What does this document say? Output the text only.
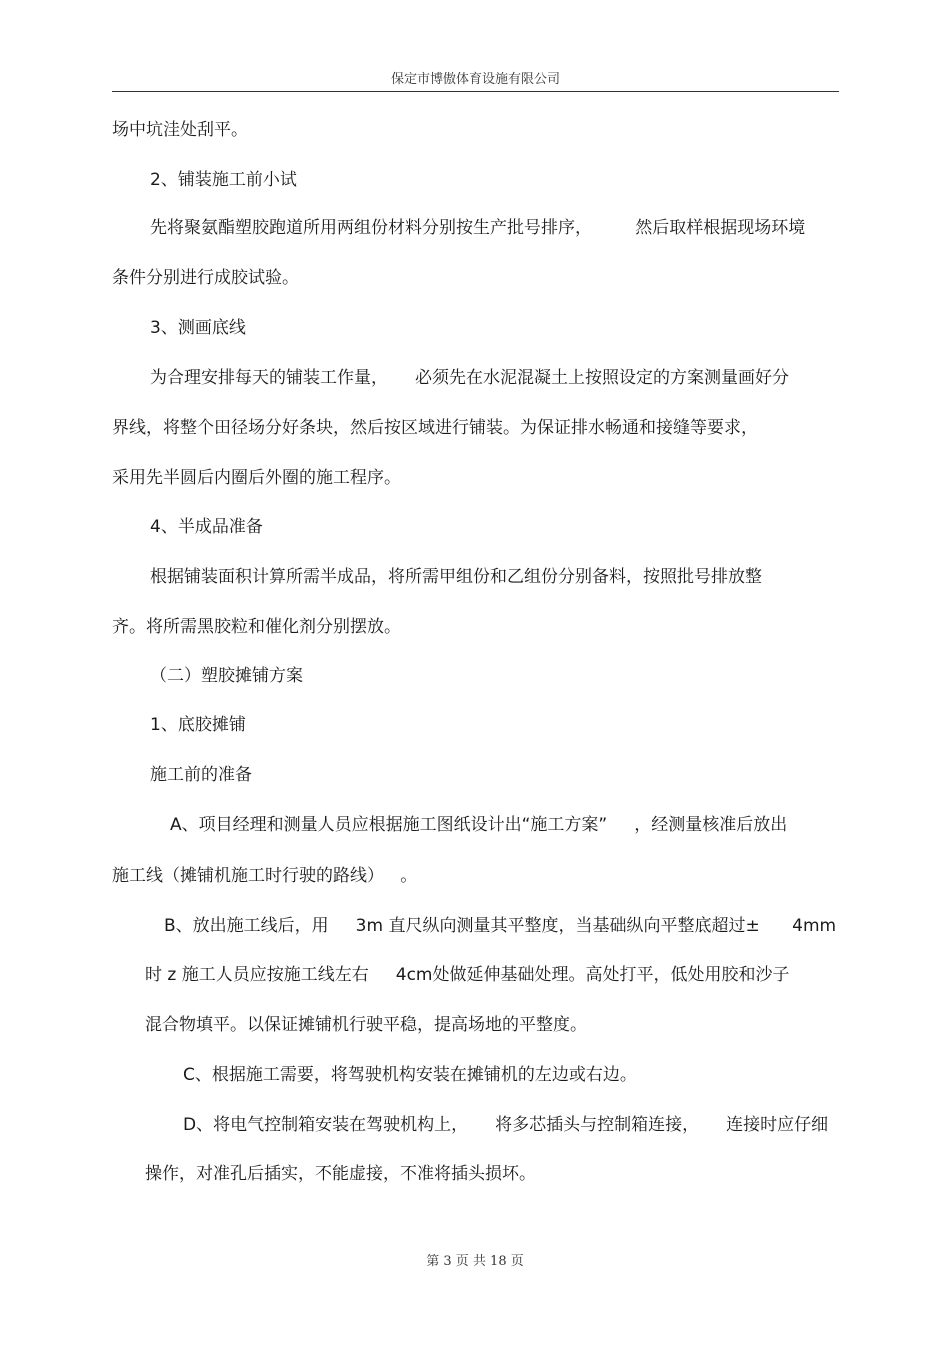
保定市博傲体育设施有限公司
场中坑洼处刮平。
2、铺装施工前小试
先将聚氨酯塑胶跑道所用两组份材料分别按生产批号排序，        然后取样根据现场环境
条件分别进行成胶试验。
3、测画底线
为合理安排每天的铺装工作量，     必须先在水泥混凝土上按照设定的方案测量画好分
界线，将整个田径场分好条块，然后按区域进行铺装。为保证排水畅通和接缝等要求，
采用先半圆后内圈后外圈的施工程序。
4、半成品准备
根据铺装面积计算所需半成品，将所需甲组份和乙组份分别备料，按照批号排放整
齐。将所需黑胶粒和催化剂分别摆放。
（二）塑胶摊铺方案
1、底胶摊铺
施工前的准备
A、项目经理和测量人员应根据施工图纸设计出“施工方案”     ，经测量核准后放出
施工线（摊铺机施工时行驶的路线）   。
B、放出施工线后，用     3m 直尺纵向测量其平整度，当基础纵向平整底超过±      4mm
时 z 施工人员应按施工线左右     4cm处做延伸基础处理。高处打平，低处用胶和沙子
混合物填平。以保证摊铺机行驶平稳，提高场地的平整度。
C、根据施工需要，将驾驶机构安装在摊铺机的左边或右边。
D、将电气控制箱安装在驾驶机构上，     将多芯插头与控制箱连接，     连接时应仔细
操作，对准孔后插实，不能虚接，不准将插头损坏。
第 3 页 共 18 页
